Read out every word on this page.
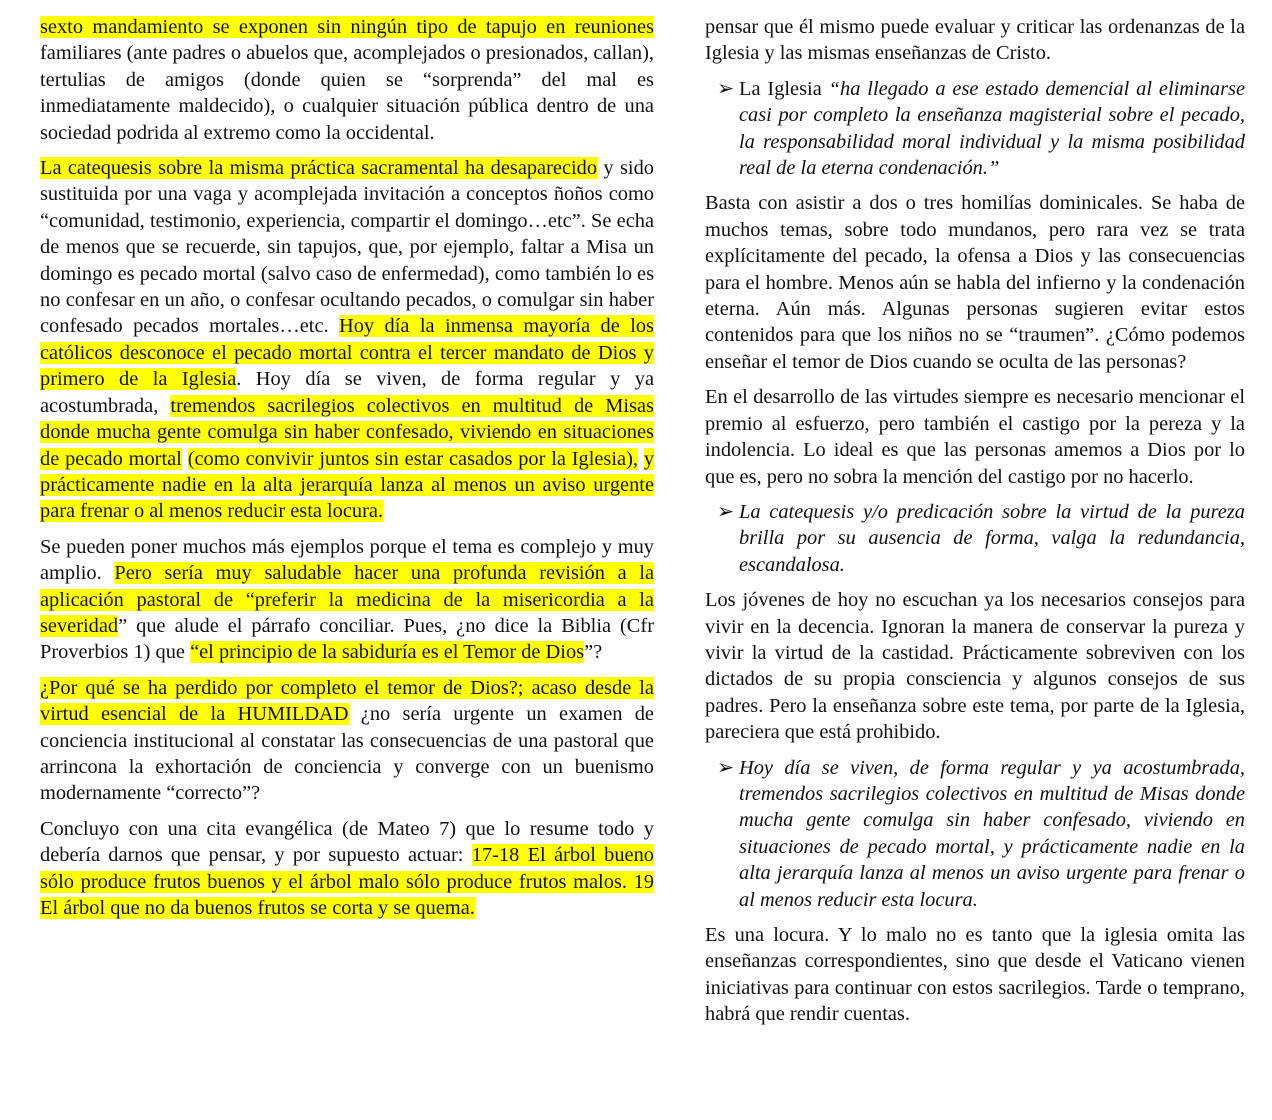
sexto mandamiento se exponen sin ningún tipo de tapujo en reuniones familiares (ante padres o abuelos que, acomplejados o presionados, callan), tertulias de amigos (donde quien se “sorprenda” del mal es inmediatamente maldecido), o cualquier situación pública dentro de una sociedad podrida al extremo como la occidental.

La catequesis sobre la misma práctica sacramental ha desaparecido y sido sustituida por una vaga y acomplejada invitación a conceptos ñoños como “comunidad, testimonio, experiencia, compartir el domingo…etc”. Se echa de menos que se recuerde, sin tapujos, que, por ejemplo, faltar a Misa un domingo es pecado mortal (salvo caso de enfermedad), como también lo es no confesar en un año, o confesar ocultando pecados, o comulgar sin haber confesado pecados mortales…etc. Hoy día la inmensa mayoría de los católicos desconoce el pecado mortal contra el tercer mandato de Dios y primero de la Iglesia. Hoy día se viven, de forma regular y ya acostumbrada, tremendos sacrilegios colectivos en multitud de Misas donde mucha gente comulga sin haber confesado, viviendo en situaciones de pecado mortal (como convivir juntos sin estar casados por la Iglesia), y prácticamente nadie en la alta jerarquía lanza al menos un aviso urgente para frenar o al menos reducir esta locura.

Se pueden poner muchos más ejemplos porque el tema es complejo y muy amplio. Pero sería muy saludable hacer una profunda revisión a la aplicación pastoral de “preferir la medicina de la misericordia a la severidad” que alude el párrafo conciliar. Pues, ¿no dice la Biblia (Cfr Proverbios 1) que “el principio de la sabiduría es el Temor de Dios”?

¿Por qué se ha perdido por completo el temor de Dios?; acaso desde la virtud esencial de la HUMILDAD ¿no sería urgente un examen de conciencia institucional al constatar las consecuencias de una pastoral que arrincona la exhortación de conciencia y converge con un buenismo modernamente “correcto”?

Concluyo con una cita evangélica (de Mateo 7) que lo resume todo y debería darnos que pensar, y por supuesto actuar: 17-18 El árbol bueno sólo produce frutos buenos y el árbol malo sólo produce frutos malos. 19 El árbol que no da buenos frutos se corta y se quema.

pensar que él mismo puede evaluar y criticar las ordenanzas de la Iglesia y las mismas enseñanzas de Cristo.

➢ La Iglesia “ha llegado a ese estado demencial al eliminarse casi por completo la enseñanza magisterial sobre el pecado, la responsabilidad moral individual y la misma posibilidad real de la eterna condenación.”

Basta con asistir a dos o tres homilías dominicales. Se haba de muchos temas, sobre todo mundanos, pero rara vez se trata explícitamente del pecado, la ofensa a Dios y las consecuencias para el hombre. Menos aún se habla del infierno y la condenación eterna. Aún más. Algunas personas sugieren evitar estos contenidos para que los niños no se “traumen”. ¿Cómo podemos enseñar el temor de Dios cuando se oculta de las personas?

En el desarrollo de las virtudes siempre es necesario mencionar el premio al esfuerzo, pero también el castigo por la pereza y la indolencia. Lo ideal es que las personas amemos a Dios por lo que es, pero no sobra la mención del castigo por no hacerlo.

➢ La catequesis y/o predicación sobre la virtud de la pureza brilla por su ausencia de forma, valga la redundancia, escandalosa.

Los jóvenes de hoy no escuchan ya los necesarios consejos para vivir en la decencia. Ignoran la manera de conservar la pureza y vivir la virtud de la castidad. Prácticamente sobreviven con los dictados de su propia consciencia y algunos consejos de sus padres. Pero la enseñanza sobre este tema, por parte de la Iglesia, pareciera que está prohibido.

➢ Hoy día se viven, de forma regular y ya acostumbrada, tremendos sacrilegios colectivos en multitud de Misas donde mucha gente comulga sin haber confesado, viviendo en situaciones de pecado mortal, y prácticamente nadie en la alta jerarquía lanza al menos un aviso urgente para frenar o al menos reducir esta locura.

Es una locura. Y lo malo no es tanto que la iglesia omita las enseñanzas correspondientes, sino que desde el Vaticano vienen iniciativas para continuar con estos sacrilegios. Tarde o temprano, habrá que rendir cuentas.
